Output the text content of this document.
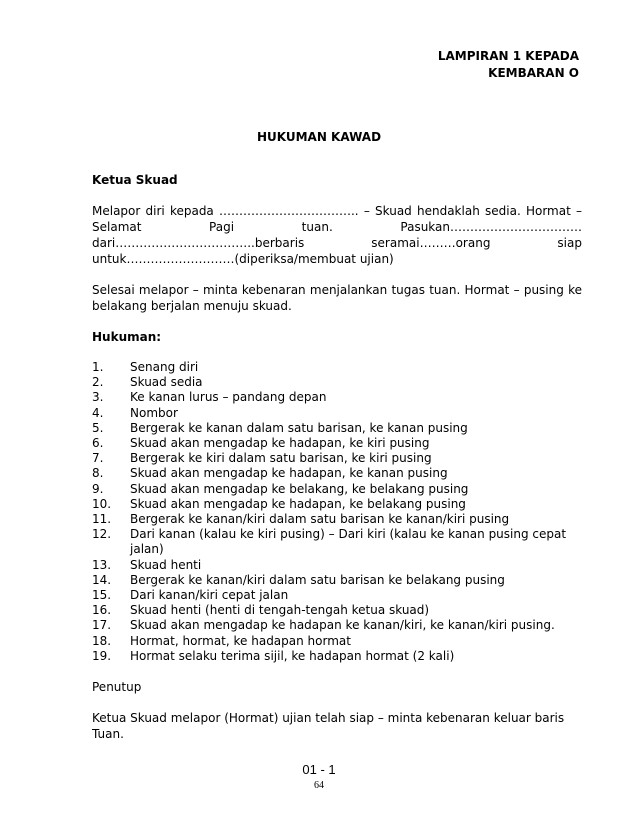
LAMPIRAN 1 KEPADA
KEMBARAN O
HUKUMAN KAWAD

Ketua Skuad

Melapor diri kepada …………………………….. – Skuad hendaklah sedia. Hormat – Selamat Pagi tuan. Pasukan……………………………dari……………………………..berbaris seramai………orang siap untuk………………………(diperiksa/membuat ujian)

Selesai melapor – minta kebenaran menjalankan tugas tuan. Hormat – pusing ke belakang berjalan menuju skuad.

Hukuman:

1.	Senang diri
2.	Skuad sedia
3.	Ke kanan lurus – pandang depan
4.	Nombor
5.	Bergerak ke kanan dalam satu barisan, ke kanan pusing
6.	Skuad akan mengadap ke hadapan, ke kiri pusing
7.	Bergerak ke kiri dalam satu barisan, ke kiri pusing
8.	Skuad akan mengadap ke hadapan, ke kanan pusing
9.	Skuad akan mengadap ke belakang, ke belakang pusing
10.	Skuad akan mengadap ke hadapan, ke belakang pusing
11.	Bergerak ke kanan/kiri dalam satu barisan ke kanan/kiri pusing
12.	Dari kanan (kalau ke kiri pusing) – Dari kiri (kalau ke kanan pusing cepat jalan)
13.	Skuad henti
14.	Bergerak ke kanan/kiri dalam satu barisan ke belakang pusing
15.	Dari kanan/kiri cepat jalan
16.	Skuad henti (henti di tengah-tengah ketua skuad)
17.	Skuad akan mengadap ke hadapan ke kanan/kiri, ke kanan/kiri pusing.
18.	Hormat, hormat, ke hadapan hormat
19.	Hormat selaku terima sijil, ke hadapan hormat (2 kali)

Penutup

Ketua Skuad melapor (Hormat) ujian telah siap – minta kebenaran keluar baris Tuan.

01 - 1
64
